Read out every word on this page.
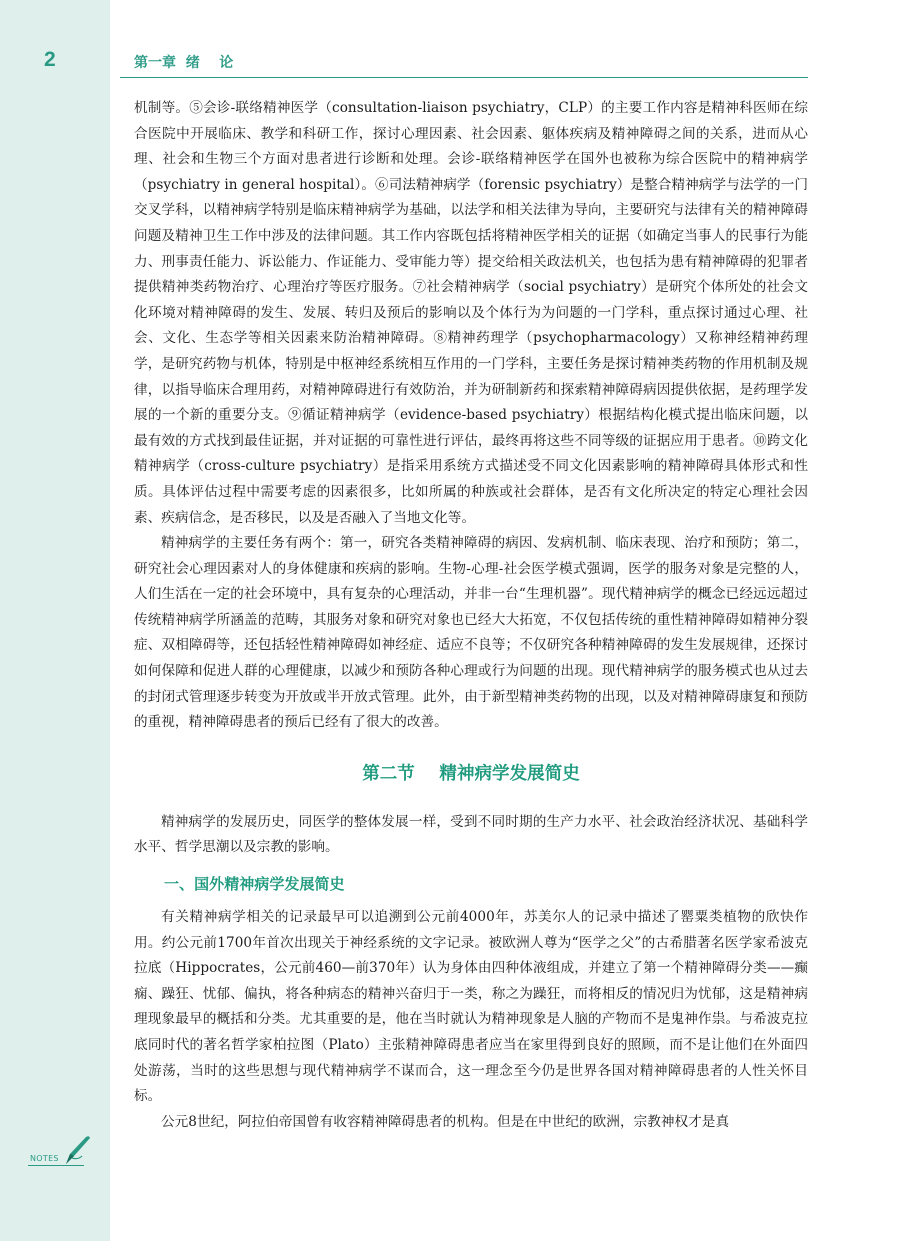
2	第一章  绪    论

机制等。⑤会诊-联络精神医学（consultation-liaison psychiatry，CLP）的主要工作内容是精神科医师在综合医院中开展临床、教学和科研工作，探讨心理因素、社会因素、躯体疾病及精神障碍之间的关系，进而从心理、社会和生物三个方面对患者进行诊断和处理。会诊-联络精神医学在国外也被称为综合医院中的精神病学（psychiatry in general hospital）。⑥司法精神病学（forensic psychiatry）是整合精神病学与法学的一门交叉学科，以精神病学特别是临床精神病学为基础，以法学和相关法律为导向，主要研究与法律有关的精神障碍问题及精神卫生工作中涉及的法律问题。其工作内容既包括将精神医学相关的证据（如确定当事人的民事行为能力、刑事责任能力、诉讼能力、作证能力、受审能力等）提交给相关政法机关，也包括为患有精神障碍的犯罪者提供精神类药物治疗、心理治疗等医疗服务。⑦社会精神病学（social psychiatry）是研究个体所处的社会文化环境对精神障碍的发生、发展、转归及预后的影响以及个体行为为问题的一门学科，重点探讨通过心理、社会、文化、生态学等相关因素来防治精神障碍。⑧精神药理学（psychopharmacology）又称神经精神药理学，是研究药物与机体，特别是中枢神经系统相互作用的一门学科，主要任务是探讨精神类药物的作用机制及规律，以指导临床合理用药，对精神障碍进行有效防治，并为研制新药和探索精神障碍病因提供依据，是药理学发展的一个新的重要分支。⑨循证精神病学（evidence-based psychiatry）根据结构化模式提出临床问题，以最有效的方式找到最佳证据，并对证据的可靠性进行评估，最终再将这些不同等级的证据应用于患者。⑩跨文化精神病学（cross-culture psychiatry）是指采用系统方式描述受不同文化因素影响的精神障碍具体形式和性质。具体评估过程中需要考虑的因素很多，比如所属的种族或社会群体，是否有文化所决定的特定心理社会因素、疾病信念，是否移民，以及是否融入了当地文化等。

精神病学的主要任务有两个：第一，研究各类精神障碍的病因、发病机制、临床表现、治疗和预防；第二，研究社会心理因素对人的身体健康和疾病的影响。生物-心理-社会医学模式强调，医学的服务对象是完整的人，人们生活在一定的社会环境中，具有复杂的心理活动，并非一台“生理机器”。现代精神病学的概念已经远远超过传统精神病学所涵盖的范畴，其服务对象和研究对象也已经大大拓宽，不仅包括传统的重性精神障碍如精神分裂症、双相障碍等，还包括轻性精神障碍如神经症、适应不良等；不仅研究各种精神障碍的发生发展规律，还探讨如何保障和促进人群的心理健康，以减少和预防各种心理或行为问题的出现。现代精神病学的服务模式也从过去的封闭式管理逐步转变为开放或半开放式管理。此外，由于新型精神类药物的出现，以及对精神障碍康复和预防的重视，精神障碍患者的预后已经有了很大的改善。

第二节    精神病学发展简史

精神病学的发展历史，同医学的整体发展一样，受到不同时期的生产力水平、社会政治经济状况、基础科学水平、哲学思潮以及宗教的影响。

一、国外精神病学发展简史

有关精神病学相关的记录最早可以追溯到公元前4000年，苏美尔人的记录中描述了罂粟类植物的欣快作用。约公元前1700年首次出现关于神经系统的文字记录。被欧洲人尊为“医学之父”的古希腊著名医学家希波克拉底（Hippocrates，公元前460—前370年）认为身体由四种体液组成，并建立了第一个精神障碍分类——癫痫、躁狂、忧郁、偏执，将各种病态的精神兴奋归于一类，称之为躁狂，而将相反的情况归为忧郁，这是精神病理现象最早的概括和分类。尤其重要的是，他在当时就认为精神现象是人脑的产物而不是鬼神作祟。与希波克拉底同时代的著名哲学家柏拉图（Plato）主张精神障碍患者应当在家里得到良好的照顾，而不是让他们在外面四处游荡，当时的这些思想与现代精神病学不谋而合，这一理念至今仍是世界各国对精神障碍患者的人性关怀目标。

公元8世纪，阿拉伯帝国曾有收容精神障碍患者的机构。但是在中世纪的欧洲，宗教神权才是真

NOTES
